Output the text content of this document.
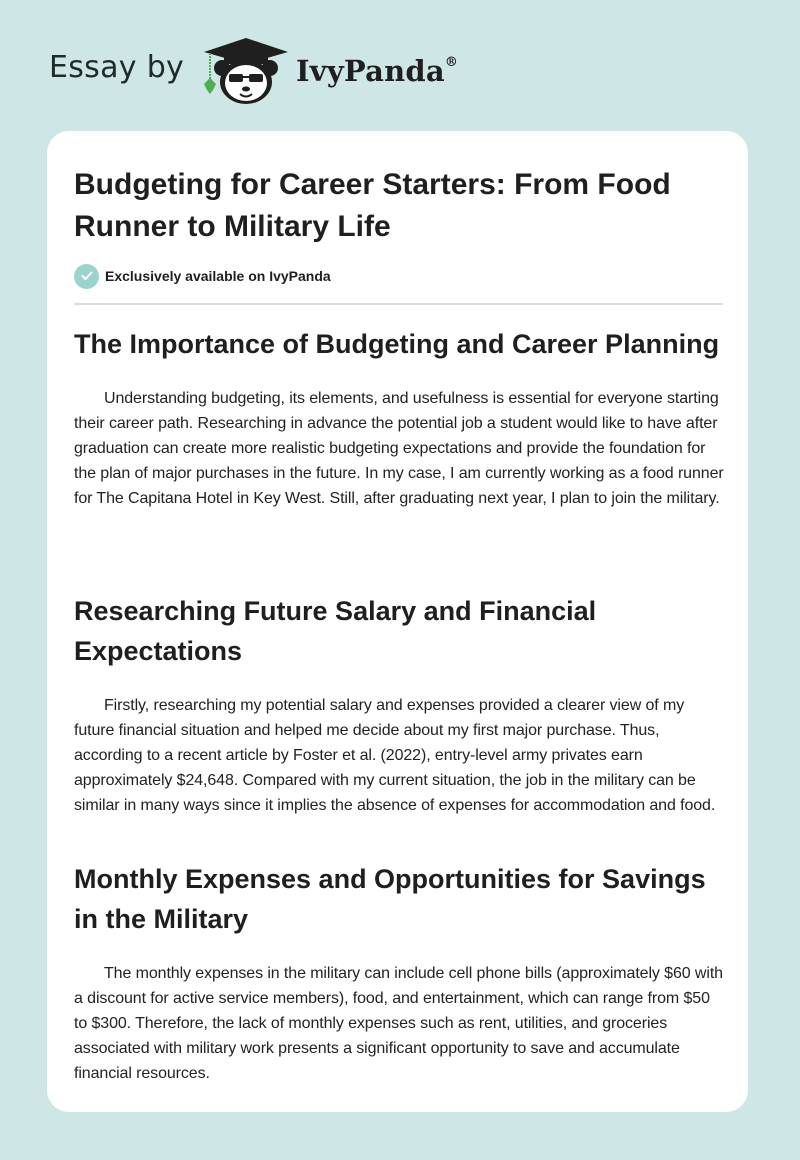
Essay by	IvyPanda®
Budgeting for Career Starters: From Food Runner to Military Life
Exclusively available on IvyPanda
The Importance of Budgeting and Career Planning

Understanding budgeting, its elements, and usefulness is essential for everyone starting their career path. Researching in advance the potential job a student would like to have after graduation can create more realistic budgeting expectations and provide the foundation for the plan of major purchases in the future. In my case, I am currently working as a food runner for The Capitana Hotel in Key West. Still, after graduating next year, I plan to join the military.

Researching Future Salary and Financial Expectations

Firstly, researching my potential salary and expenses provided a clearer view of my future financial situation and helped me decide about my first major purchase. Thus, according to a recent article by Foster et al. (2022), entry-level army privates earn approximately $24,648. Compared with my current situation, the job in the military can be similar in many ways since it implies the absence of expenses for accommodation and food.

Monthly Expenses and Opportunities for Savings in the Military

The monthly expenses in the military can include cell phone bills (approximately $60 with a discount for active service members), food, and entertainment, which can range from $50 to $300. Therefore, the lack of monthly expenses such as rent, utilities, and groceries associated with military work presents a significant opportunity to save and accumulate financial resources.
